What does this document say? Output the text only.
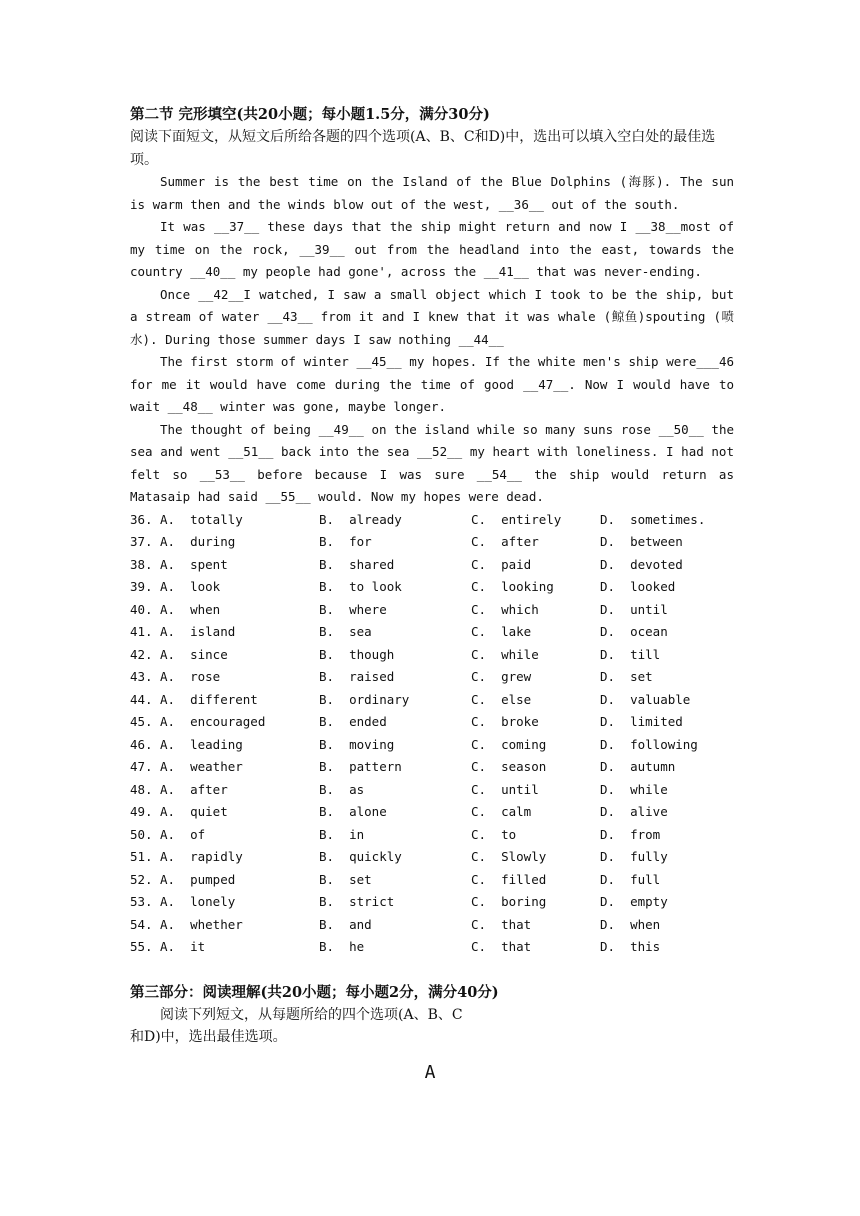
第二节 完形填空(共20小题；每小题1.5分，满分30分)

阅读下面短文，从短文后所给各题的四个选项(A、B、C和D)中，选出可以填入空白处的最佳选项。

Summer is the best time on the Island of the Blue Dolphins (海豚). The sun is warm then and the winds blow out of the west, __36__ out of the south.

It was __37__ these days that the ship might return and now I __38__most of my time on the rock, __39__ out from the headland into the east, towards the country __40__ my people had gone', across the __41__ that was never-ending.

Once __42__I watched, I saw a small object which I took to be the ship, but a stream of water __43__ from it and I knew that it was whale (鲸鱼)spouting (喷水). During those summer days I saw nothing __44__

The first storm of winter __45__ my hopes. If the white men's ship were___46 for me it would have come during the time of good __47__. Now I would have to wait __48__ winter was gone, maybe longer.

The thought of being __49__ on the island while so many suns rose __50__ the sea and went __51__ back into the sea __52__ my heart with loneliness. I had not felt so __53__ before because I was sure __54__ the ship would return as Matasaip had said __55__ would. Now my hopes were dead.

36. A.  totally	B.  already	C.  entirely	D.  sometimes.
37. A.  during	B.  for	C.  after	D.  between
38. A.  spent	B.  shared	C.  paid	D.  devoted
39. A.  look	B.  to look	C.  looking	D.  looked
40. A.  when	B.  where	C.  which	D.  until
41. A.  island	B.  sea	C.  lake	D.  ocean
42. A.  since	B.  though	C.  while	D.  till
43. A.  rose	B.  raised	C.  grew	D.  set
44. A.  different	B.  ordinary	C.  else	D.  valuable
45. A.  encouraged	B.  ended	C.  broke	D.  limited
46. A.  leading	B.  moving	C.  coming	D.  following
47. A.  weather	B.  pattern	C.  season	D.  autumn
48. A.  after	B.  as	C.  until	D.  while
49. A.  quiet	B.  alone	C.  calm	D.  alive
50. A.  of	B.  in	C.  to	D.  from
51. A.  rapidly	B.  quickly	C.  Slowly	D.  fully
52. A.  pumped	B.  set	C.  filled	D.  full
53. A.  lonely	B.  strict	C.  boring	D.  empty
54. A.  whether	B.  and	C.  that	D.  when
55. A.  it	B.  he	C.  that	D.  this

第三部分：阅读理解(共20小题；每小题2分，满分40分)

阅读下列短文，从每题所给的四个选项(A、B、C

和D)中，选出最佳选项。

A
